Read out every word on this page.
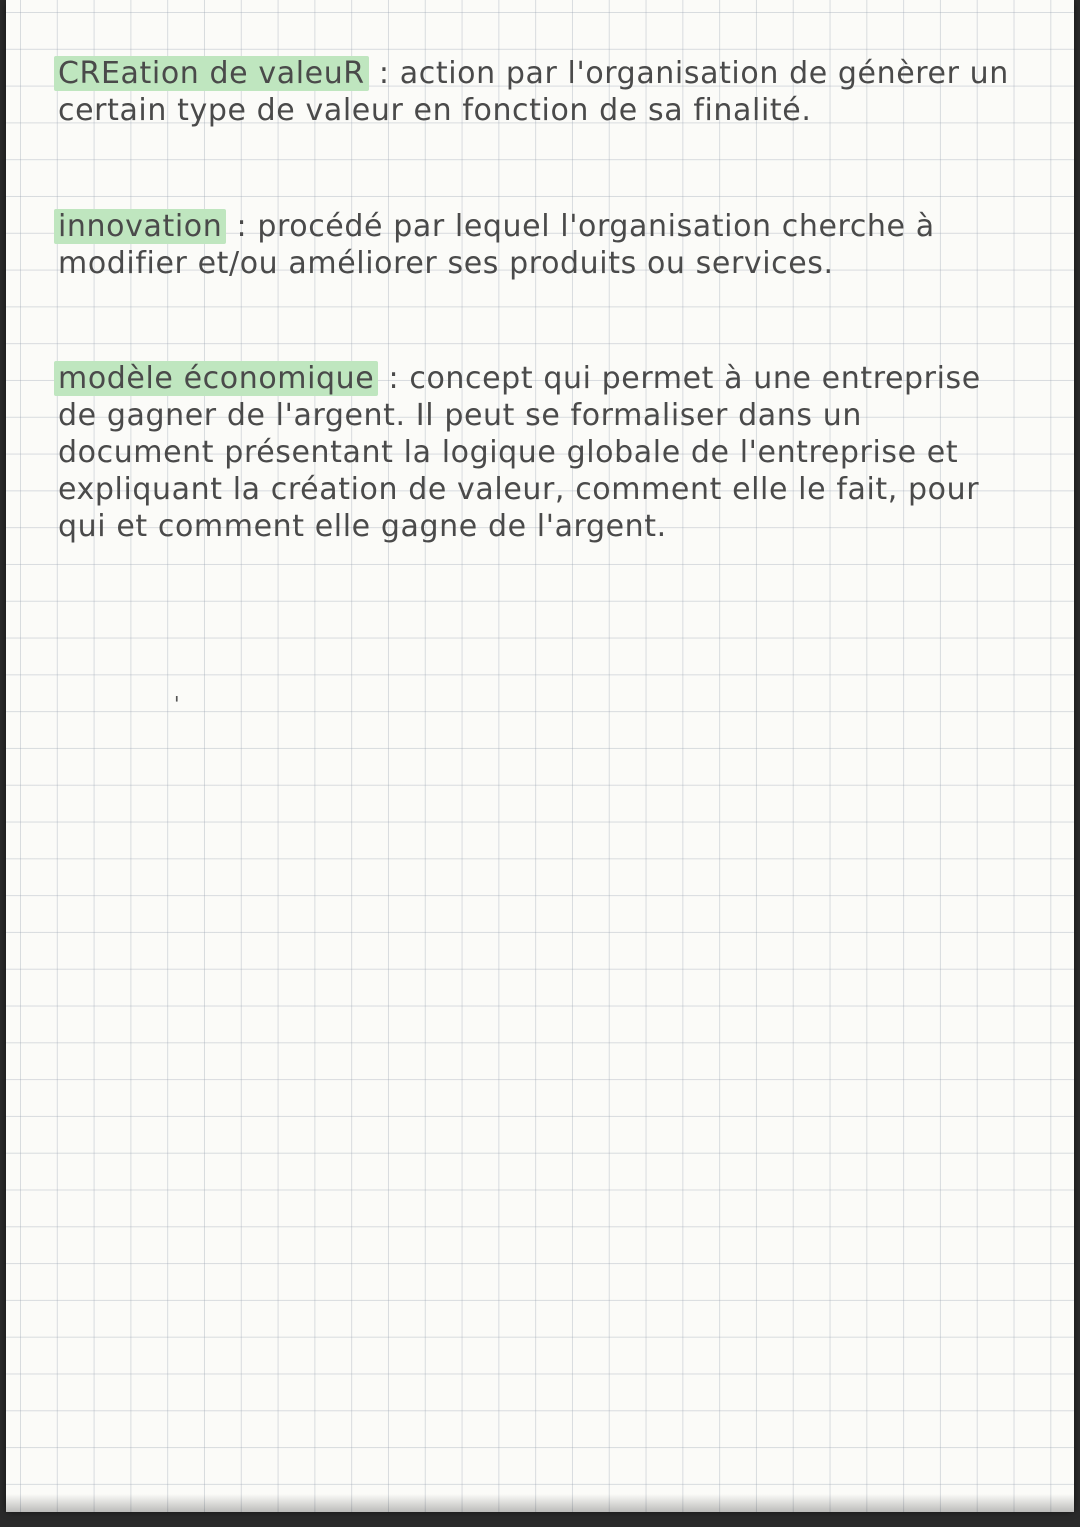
CREation de valeuR : action par l'organisation de génèrer un certain type de valeur en fonction de sa finalité.
innovation : procédé par lequel l'organisation cherche à modifier et/ou améliorer ses produits ou services.
modèle économique : concept qui permet à une entreprise de gagner de l'argent. Il peut se formaliser dans un document présentant la logique globale de l'entreprise et expliquant la création de valeur, comment elle le fait, pour qui et comment elle gagne de l'argent.
'
